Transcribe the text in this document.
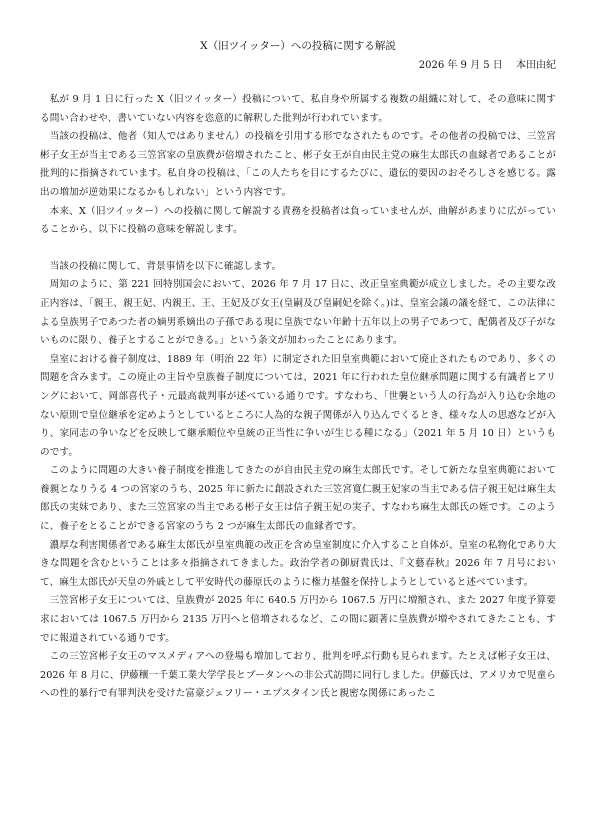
X（旧ツイッター）への投稿に関する解説
2026 年 9 月 5 日 本田由紀

私が 9 月 1 日に行った X（旧ツイッター）投稿について、私自身や所属する複数の組織に対して、その意味に関する問い合わせや、書いていない内容を恣意的に解釈した批判が行われています。

当該の投稿は、他者（知人ではありません）の投稿を引用する形でなされたものです。その他者の投稿では、三笠宮彬子女王が当主である三笠宮家の皇族費が倍増されたこと、彬子女王が自由民主党の麻生太郎氏の血縁者であることが批判的に指摘されています。私自身の投稿は、「この人たちを目にするたびに、遺伝的要因のおそろしさを感じる。露出の増加が逆効果になるかもしれない」という内容です。

本来、X（旧ツイッター）への投稿に関して解説する責務を投稿者は負っていませんが、曲解があまりに広がっていることから、以下に投稿の意味を解説します。

当該の投稿に関して、背景事情を以下に確認します。

周知のように、第 221 回特別国会において、2026 年 7 月 17 日に、改正皇室典範が成立しました。その主要な改正内容は、「親王、親王妃、内親王、王、王妃及び女王(皇嗣及び皇嗣妃を除く。)は、皇室会議の議を経て、この法律による皇族男子であつた者の嫡男系嫡出の子孫である現に皇族でない年齢十五年以上の男子であつて、配偶者及び子がないものに限り、養子とすることができる。」という条文が加わったことにあります。

皇室における養子制度は、1889 年（明治 22 年）に制定された旧皇室典範において廃止されたものであり、多くの問題を含みます。この廃止の主旨や皇族養子制度については、2021 年に行われた皇位継承問題に関する有識者ヒアリングにおいて、岡部喜代子・元最高裁判事が述べている通りです。すなわち、「世襲という人の行為が入り込む余地のない原則で皇位継承を定めようとしているところに人為的な親子関係が入り込んでくるとき、様々な人の思惑などが入り、家同志の争いなどを反映して継承順位や皇統の正当性に争いが生じる種になる」（2021 年 5 月 10 日）というものです。

このように問題の大きい養子制度を推進してきたのが自由民主党の麻生太郎氏です。そして新たな皇室典範において養親となりうる 4 つの宮家のうち、2025 年に新たに創設された三笠宮寛仁親王妃家の当主である信子親王妃は麻生太郎氏の実妹であり、また三笠宮家の当主である彬子女王は信子親王妃の実子、すなわち麻生太郎氏の姪です。このように、養子をとることができる宮家のうち 2 つが麻生太郎氏の血縁者です。

濃厚な利害関係者である麻生太郎氏が皇室典範の改正を含め皇室制度に介入すること自体が、皇室の私物化であり大きな問題を含むということは多々指摘されてきました。政治学者の御厨貴氏は、『文藝春秋』2026 年 7 月号において、麻生太郎氏が天皇の外戚として平安時代の藤原氏のように権力基盤を保持しようとしていると述べています。

三笠宮彬子女王については、皇族費が 2025 年に 640.5 万円から 1067.5 万円に増額され、また 2027 年度予算要求においては 1067.5 万円から 2135 万円へと倍増されるなど、この間に顕著に皇族費が増やされてきたことも、すでに報道されている通りです。

この三笠宮彬子女王のマスメディアへの登場も増加しており、批判を呼ぶ行動も見られます。たとえば彬子女王は、2026 年 8 月に、伊藤穰一千葉工業大学学長とブータンへの非公式訪問に同行しました。伊藤氏は、アメリカで児童らへの性的暴行で有罪判決を受けた富豪ジェフリー・エプスタイン氏と親密な関係にあったこ
